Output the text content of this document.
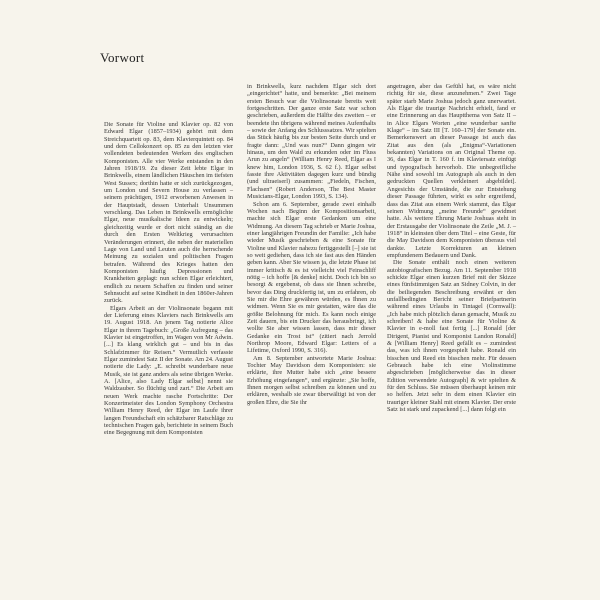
Vorwort

Die Sonate für Violine und Klavier op. 82 von Edward Elgar (1857–1934) gehört mit dem Streichquartett op. 83, dem Klavierquintett op. 84 und dem Cellokonzert op. 85 zu den letzten vier vollendeten bedeutenden Werken des englischen Komponisten. Alle vier Werke entstanden in den Jahren 1918/19. Zu dieser Zeit lebte Elgar in Brinkwells, einem ländlichen Häuschen im tiefsten West Sussex; dorthin hatte er sich zurückgezogen, um London und Severn House zu verlassen – seinem prächtigen, 1912 erworbenen Anwesen in der Hauptstadt, dessen Unterhalt Unsummen verschlang. Das Leben in Brinkwells ermöglichte Elgar, neue musikalische Ideen zu entwickeln; gleichzeitig wurde er dort nicht ständig an die durch den Ersten Weltkrieg verursachten Veränderungen erinnert, die neben der materiellen Lage von Land und Leuten auch die herrschende Meinung zu sozialen und politischen Fragen betrafen. Während des Krieges hatten den Komponisten häufig Depressionen und Krankheiten geplagt: nun schien Elgar erleichtert, endlich zu neuem Schaffen zu finden und seiner Sehnsucht auf seine Kindheit in den 1860er-Jahren zurück.

Elgars Arbeit an der Violinsonate begann mit der Lieferung eines Klaviers nach Brinkwells am 19. August 1918. An jenem Tag notierte Alice Elgar in ihrem Tagebuch: „Große Aufregung – das Klavier ist eingetroffen, im Wagen von Mr Adwin. [...] Es klang wirklich gut – und bis in das Schlafzimmer für Reisen.“ Vermutlich verfasste Elgar zumindest Satz II der Sonate. Am 24. August notierte die Lady: „E. schreibt wunderbare neue Musik, sie ist ganz anders als seine übrigen Werke. A. [Alice, also Lady Elgar selbst] nennt sie Waldzauber. So flüchtig und zart.“ Die Arbeit am neuen Werk machte rasche Fortschritte: Der Konzertmeister des London Symphony Orchestra William Henry Reed, der Elgar im Laufe ihrer langen Freundschaft ein schätzbarer Ratschläge zu technischen Fragen gab, berichtete in seinem Buch eine Begegnung mit dem Komponisten

in Brinkwells, kurz nachdem Elgar sich dort „eingerichtet“ hatte, und bemerkte: „Bei meinem ersten Besuch war die Violinsonate bereits weit fortgeschritten. Der ganze erste Satz war schon geschrieben, außerdem die Hälfte des zweiten – er beendete ihn übrigens während meines Aufenthalts – sowie der Anfang des Schlusssatzes. Wir spielten das Stück häufig bis zur besten Seite durch und er fragte dann: „Und was nun?“ Dann gingen wir hinaus, um den Wald zu erkunden oder im Fluss Arun zu angeln“ (William Henry Reed, Elgar as I knew him, London 1936, S. 62 f.). Elgar selbst fasste ihre Aktivitäten dagegen kurz und bündig (und ultraeiserl) zusammen: „Fiedeln, Fischen, Flachsen“ (Robert Anderson, The Best Master Musicians-Elgar, London 1993, S. 134).

Schon am 6. September, gerade zwei einhalb Wochen nach Beginn der Kompositionsarbeit, machte sich Elgar erste Gedanken um eine Widmung. An diesem Tag schrieb er Marie Joshua, einer langjährigen Freundin der Familie: „Ich habe wieder Musik geschrieben & eine Sonate für Violine und Klavier nahezu fertiggestellt [–] sie ist so weit gediehen, dass ich sie fast aus den Händen geben kann. Aber Sie wissen ja, die letzte Phase ist immer kritisch & es ist vielleicht viel Feinschliff nötig – ich hoffe [& denke] nicht. Doch ich bin so besorgt & ergebenst, ob dass sie Ihnen schreibe, bevor das Ding druckfertig ist, um zu erfahren, ob Sie mir die Ehre gewähren würden, es Ihnen zu widmen. Wenn Sie es mir gestatten, wäre das die größte Belohnung für mich. Es kann noch einige Zeit dauern, bis ein Drucker das herausbringt, ich wollte Sie aber wissen lassen, dass mir dieser Gedanke ein Trost ist“ (zitiert nach Jerrold Northrop Moore, Edward Elgar: Letters of a Lifetime, Oxford 1990, S. 316).

Am 8. September antwortete Marie Joshua: Tochter May Davidson dem Komponisten: sie erklärte, ihre Mutter habe sich „eine bessere Erhöhung eingefangen“, und ergänzte: „Sie hoffe, Ihnen morgen selbst schreiben zu können und zu erklären, weshalb sie zwar überwältigt ist von der großen Ehre, die Sie ihr

angetragen, aber das Gefühl hat, es wäre nicht richtig für sie, diese anzunehmen.“ Zwei Tage später starb Marie Joshua jedoch ganz unerwartet. Als Elgar die traurige Nachricht erhielt, fand er eine Erinnerung an das Hauptthema von Satz II – in Alice Elgars Worten „eine wunderbar sanfte Klage“ – im Satz III [T. 160–179] der Sonate ein. Bemerkenswert an dieser Passage ist auch das Zitat aus den (als „Enigma“-Variationen bekannten) Variations on an Original Theme op. 36, das Elgar in T. 160 f. im Klaviersatz einfügt und typografisch hervorhob. Die unbegreifliche Nähe sind sowohl im Autograph als auch in den gedruckten Quellen verkleinert abgebildet]. Angesichts der Umstände, die zur Entstehung dieser Passage führten, wirkt es sehr ergreifend, dass das Zitat aus einem Werk stammt, das Elgar seinen Widmung „meine Freunde“ gewidmet hatte. Als weitere Ehrung Marie Joshuas steht in der Erstausgabe der Violinsonate die Zeile „M. J. – 1918“ in kleinsten über dem Titel – eine Geste, für die May Davidson dem Komponisten überaus viel dankte. Letzte Korrekturen an kleinen empfundenem Bedauern und Dank.

Die Sonate enthält noch einen weiteren autobiografischen Bezug. Am 11. September 1918 schickte Elgar einen kurzen Brief mit der Skizze eines fünfstimmigen Satz an Sidney Colvin, in der die beiliegenden Beschreibung erwähnt er den unfallbedingten Bericht seiner Briefpartnerin während eines Urlaubs in Tintagel (Cornwall): „Ich habe mich plötzlich daran gemacht, Musik zu schreiben! & habe eine Sonate für Violine & Klavier in e-moll fast fertig [...] Ronald [der Dirigent, Pianist und Komponist Landon Ronald] & [William Henry] Reed gefällt es – zumindest das, was ich ihnen vorgespielt habe. Ronald ein bisschen und Reed ein bisschen mehr. Für dessen Gebrauch habe ich eine Violinstimme abgeschrieben [möglicherweise das in dieser Edition verwendete Autograph] & wir spielten & für den Schluss. Sie müssen überhaupt keinen mir so helfen. Jetzt sehr in dem einen Klavier ein trauriger kleiner Stahl mit einem Klavier. Der erste Satz ist stark und zupackend [...] dann folgt ein
